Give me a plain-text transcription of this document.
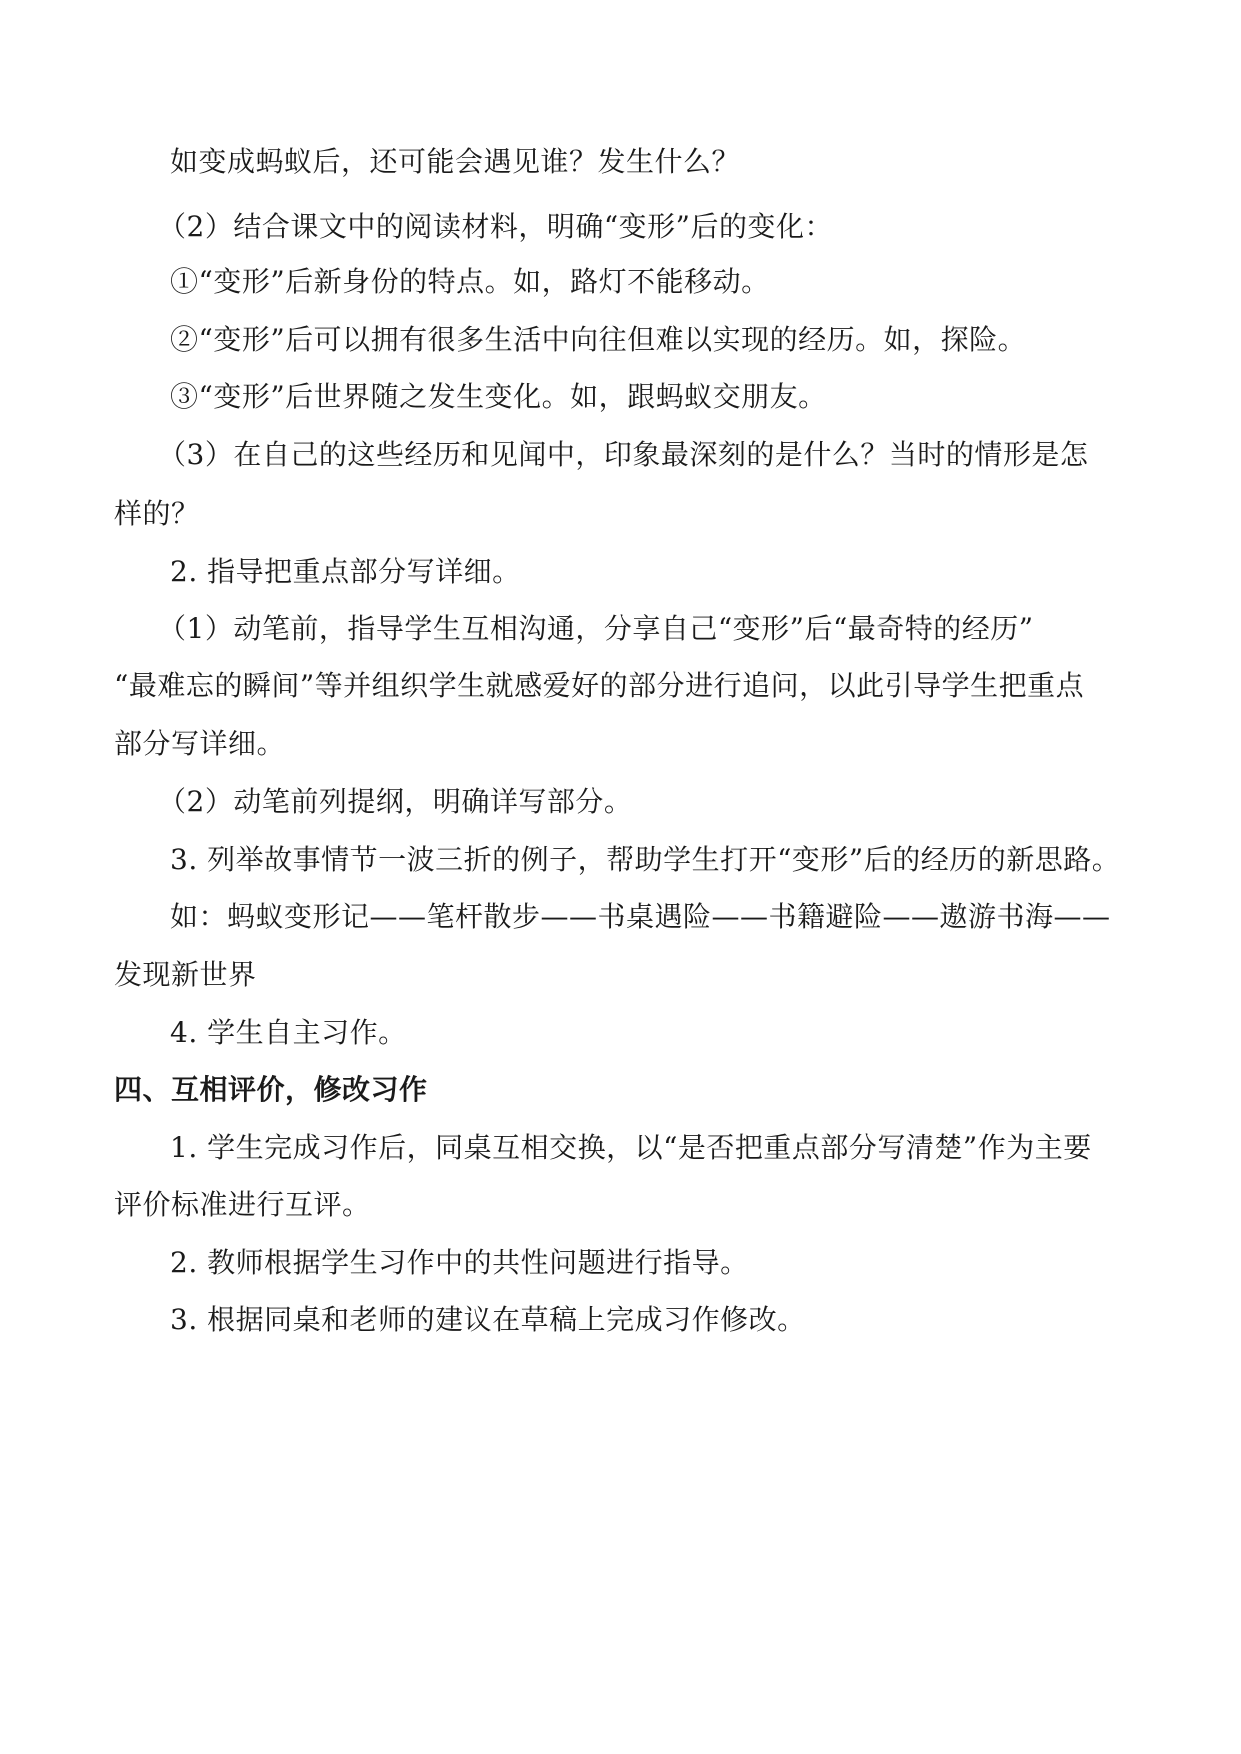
如变成蚂蚁后，还可能会遇见谁？发生什么？
（2）结合课文中的阅读材料，明确“变形”后的变化：
①“变形”后新身份的特点。如，路灯不能移动。
②“变形”后可以拥有很多生活中向往但难以实现的经历。如，探险。
③“变形”后世界随之发生变化。如，跟蚂蚁交朋友。
（3）在自己的这些经历和见闻中，印象最深刻的是什么？当时的情形是怎
样的？
2. 指导把重点部分写详细。
（1）动笔前，指导学生互相沟通，分享自己“变形”后“最奇特的经历”
“最难忘的瞬间”等并组织学生就感爱好的部分进行追问，以此引导学生把重点
部分写详细。
（2）动笔前列提纲，明确详写部分。
3. 列举故事情节一波三折的例子，帮助学生打开“变形”后的经历的新思路。
如：蚂蚁变形记——笔杆散步——书桌遇险——书籍避险——遨游书海——
发现新世界
4. 学生自主习作。
四、互相评价，修改习作
1. 学生完成习作后，同桌互相交换，以“是否把重点部分写清楚”作为主要
评价标准进行互评。
2. 教师根据学生习作中的共性问题进行指导。
3. 根据同桌和老师的建议在草稿上完成习作修改。
